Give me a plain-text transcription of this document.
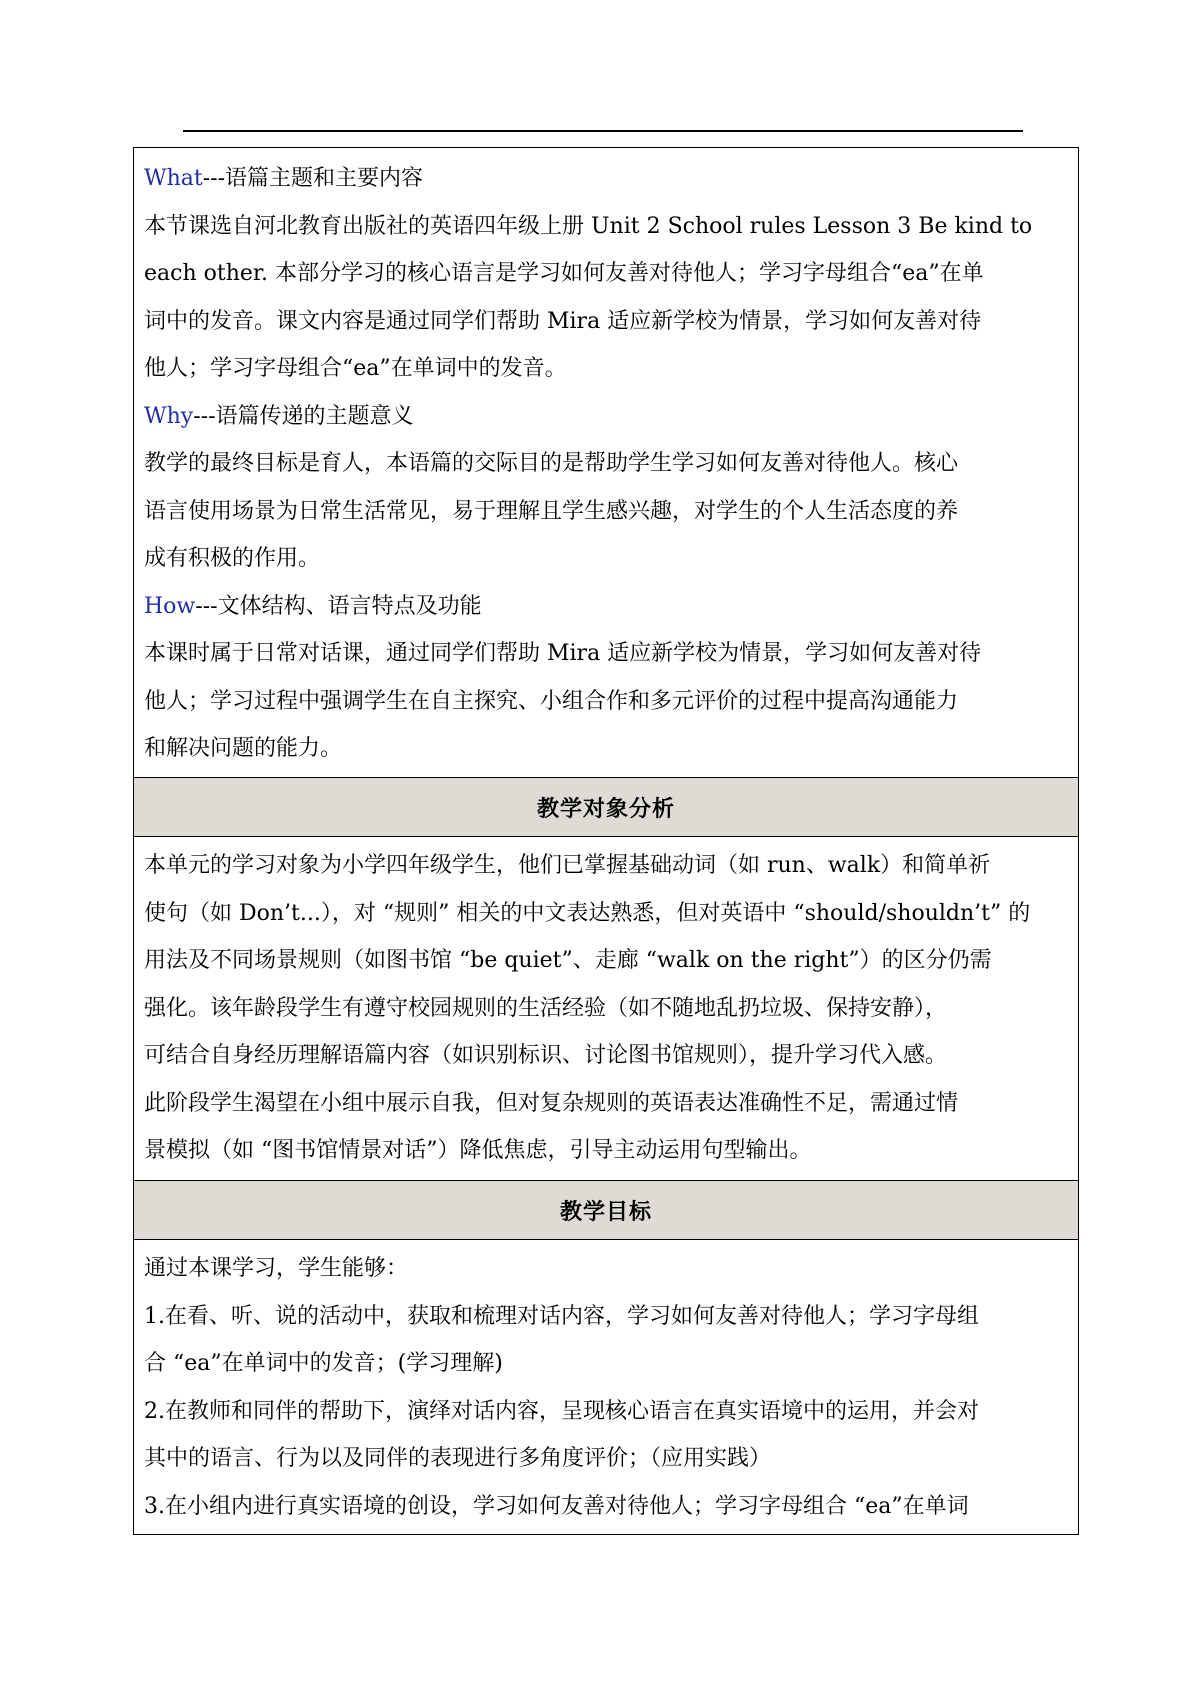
What---语篇主题和主要内容
本节课选自河北教育出版社的英语四年级上册 Unit 2 School rules Lesson 3 Be kind to
each other. 本部分学习的核心语言是学习如何友善对待他人；学习字母组合“ea”在单
词中的发音。课文内容是通过同学们帮助 Mira 适应新学校为情景，学习如何友善对待
他人；学习字母组合“ea”在单词中的发音。
Why---语篇传递的主题意义
教学的最终目标是育人，本语篇的交际目的是帮助学生学习如何友善对待他人。核心
语言使用场景为日常生活常见，易于理解且学生感兴趣，对学生的个人生活态度的养
成有积极的作用。
How---文体结构、语言特点及功能
本课时属于日常对话课，通过同学们帮助 Mira 适应新学校为情景，学习如何友善对待
他人；学习过程中强调学生在自主探究、小组合作和多元评价的过程中提高沟通能力
和解决问题的能力。
教学对象分析
本单元的学习对象为小学四年级学生，他们已掌握基础动词（如 run、walk）和简单祈
使句（如 Don’t...），对 “规则” 相关的中文表达熟悉，但对英语中 “should/shouldn’t” 的
用法及不同场景规则（如图书馆 “be quiet”、走廊 “walk on the right”）的区分仍需
强化。该年龄段学生有遵守校园规则的生活经验（如不随地乱扔垃圾、保持安静），
可结合自身经历理解语篇内容（如识别标识、讨论图书馆规则），提升学习代入感。
此阶段学生渴望在小组中展示自我，但对复杂规则的英语表达准确性不足，需通过情
景模拟（如 “图书馆情景对话”）降低焦虑，引导主动运用句型输出。
教学目标
通过本课学习，学生能够：
1.在看、听、说的活动中，获取和梳理对话内容，学习如何友善对待他人；学习字母组
合 “ea”在单词中的发音；(学习理解)
2.在教师和同伴的帮助下，演绎对话内容，呈现核心语言在真实语境中的运用，并会对
其中的语言、行为以及同伴的表现进行多角度评价；（应用实践）
3.在小组内进行真实语境的创设，学习如何友善对待他人；学习字母组合 “ea”在单词
